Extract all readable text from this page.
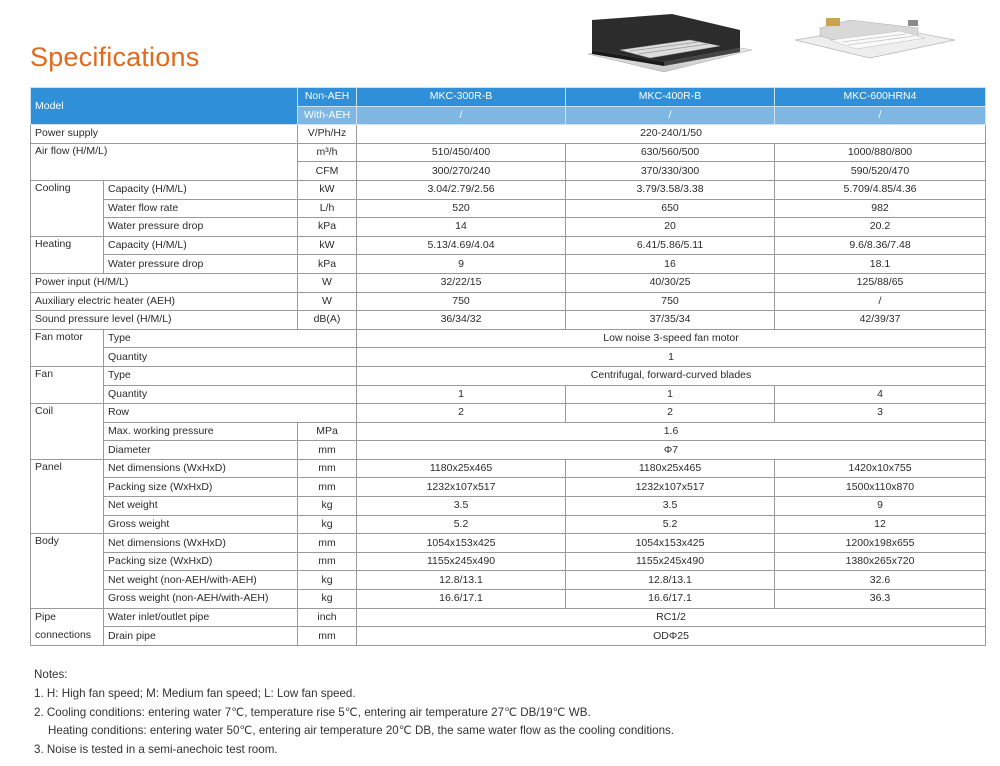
Specifications
Model		Non-AEH	MKC-300R-B	MKC-400R-B	MKC-600HRN4
		With-AEH	/	/	/
Power supply		V/Ph/Hz	220-240/1/50		
Air flow (H/M/L)		m³/h	510/450/400	630/560/500	1000/880/800
		CFM	300/270/240	370/330/300	590/520/470
Cooling	Capacity (H/M/L)	kW	3.04/2.79/2.56	3.79/3.58/3.38	5.709/4.85/4.36
	Water flow rate	L/h	520	650	982
	Water pressure drop	kPa	14	20	20.2
Heating	Capacity (H/M/L)	kW	5.13/4.69/4.04	6.41/5.86/5.11	9.6/8.36/7.48
	Water pressure drop	kPa	9	16	18.1
Power input (H/M/L)		W	32/22/15	40/30/25	125/88/65
Auxiliary electric heater (AEH)		W	750	750	/
Sound pressure level (H/M/L)		dB(A)	36/34/32	37/35/34	42/39/37
Fan motor	Type		Low noise 3-speed fan motor		
	Quantity		1		
Fan	Type		Centrifugal, forward-curved blades		
	Quantity		1	1	4
Coil	Row		2	2	3
	Max. working pressure	MPa	1.6		
	Diameter	mm	Φ7		
Panel	Net dimensions (WxHxD)	mm	1180x25x465	1180x25x465	1420x10x755
	Packing size (WxHxD)	mm	1232x107x517	1232x107x517	1500x110x870
	Net weight	kg	3.5	3.5	9
	Gross weight	kg	5.2	5.2	12
Body	Net dimensions (WxHxD)	mm	1054x153x425	1054x153x425	1200x198x655
	Packing size (WxHxD)	mm	1155x245x490	1155x245x490	1380x265x720
	Net weight (non-AEH/with-AEH)	kg	12.8/13.1	12.8/13.1	32.6
	Gross weight (non-AEH/with-AEH)	kg	16.6/17.1	16.6/17.1	36.3
Pipe	Water inlet/outlet pipe	inch	RC1/2		
connections	Drain pipe	mm	ODΦ25		
Notes:
1. H: High fan speed; M: Medium fan speed; L: Low fan speed.
2. Cooling conditions: entering water 7℃, temperature rise 5℃, entering air temperature 27℃ DB/19℃ WB.
Heating conditions: entering water 50℃, entering air temperature 20℃ DB, the same water flow as the cooling conditions.
3. Noise is tested in a semi-anechoic test room.
